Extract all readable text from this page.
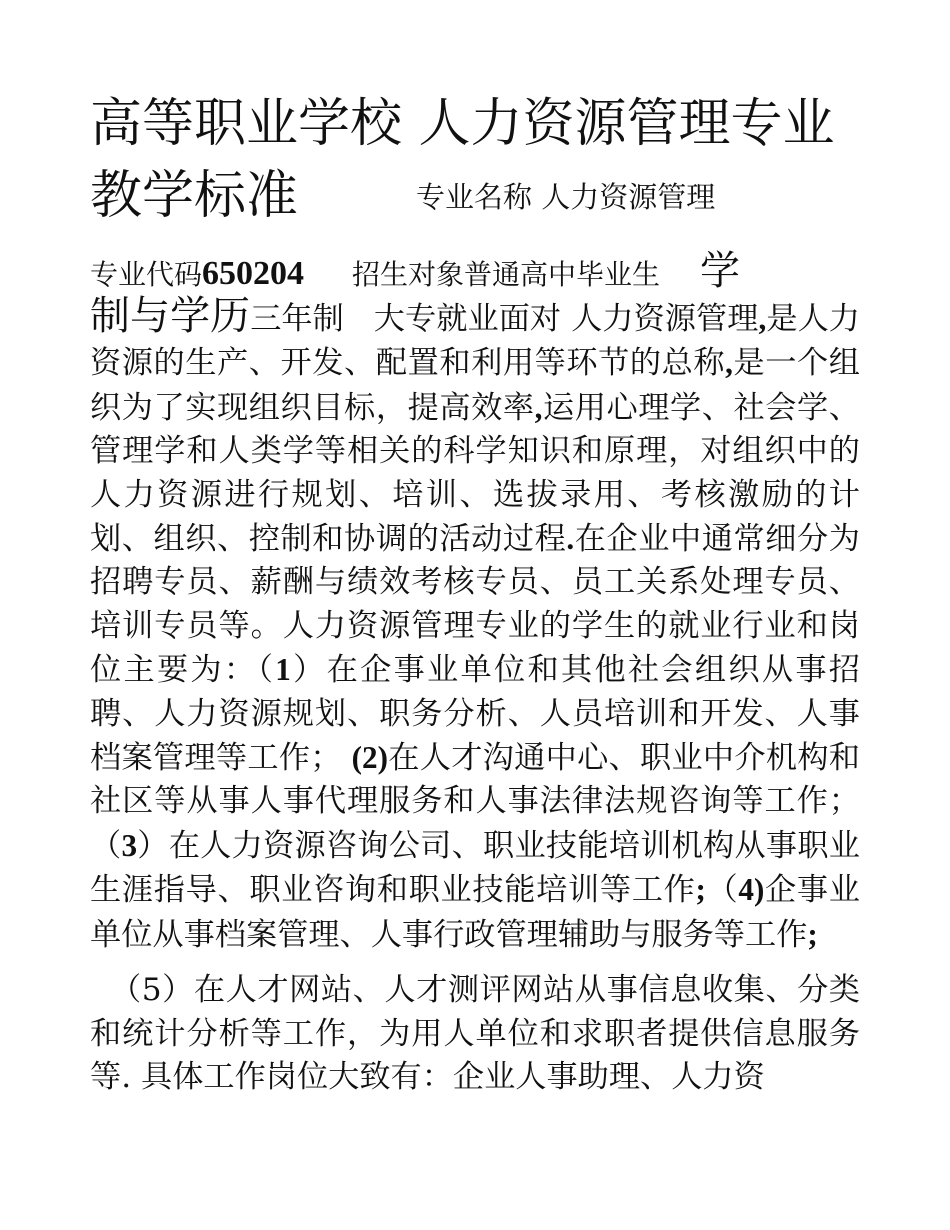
高等职业学校 人力资源管理专业教学标准	专业名称 人力资源管理
专业代码650204 招生对象普通高中毕业生 学

制与学历三年制 大专就业面对 人力资源管理,是人力资源的生产、开发、配置和利用等环节的总称,是一个组织为了实现组织目标，提高效率,运用心理学、社会学、管理学和人类学等相关的科学知识和原理，对组织中的人力资源进行规划、培训、选拔录用、考核激励的计划、组织、控制和协调的活动过程.在企业中通常细分为招聘专员、薪酬与绩效考核专员、员工关系处理专员、培训专员等。人力资源管理专业的学生的就业行业和岗位主要为：（1）在企事业单位和其他社会组织从事招聘、人力资源规划、职务分析、人员培训和开发、人事档案管理等工作； (2)在人才沟通中心、职业中介机构和社区等从事人事代理服务和人事法律法规咨询等工作；（3）在人力资源咨询公司、职业技能培训机构从事职业生涯指导、职业咨询和职业技能培训等工作;（4)企事业单位从事档案管理、人事行政管理辅助与服务等工作;

（5）在人才网站、人才测评网站从事信息收集、分类和统计分析等工作，为用人单位和求职者提供信息服务等. 具体工作岗位大致有：企业人事助理、人力资
